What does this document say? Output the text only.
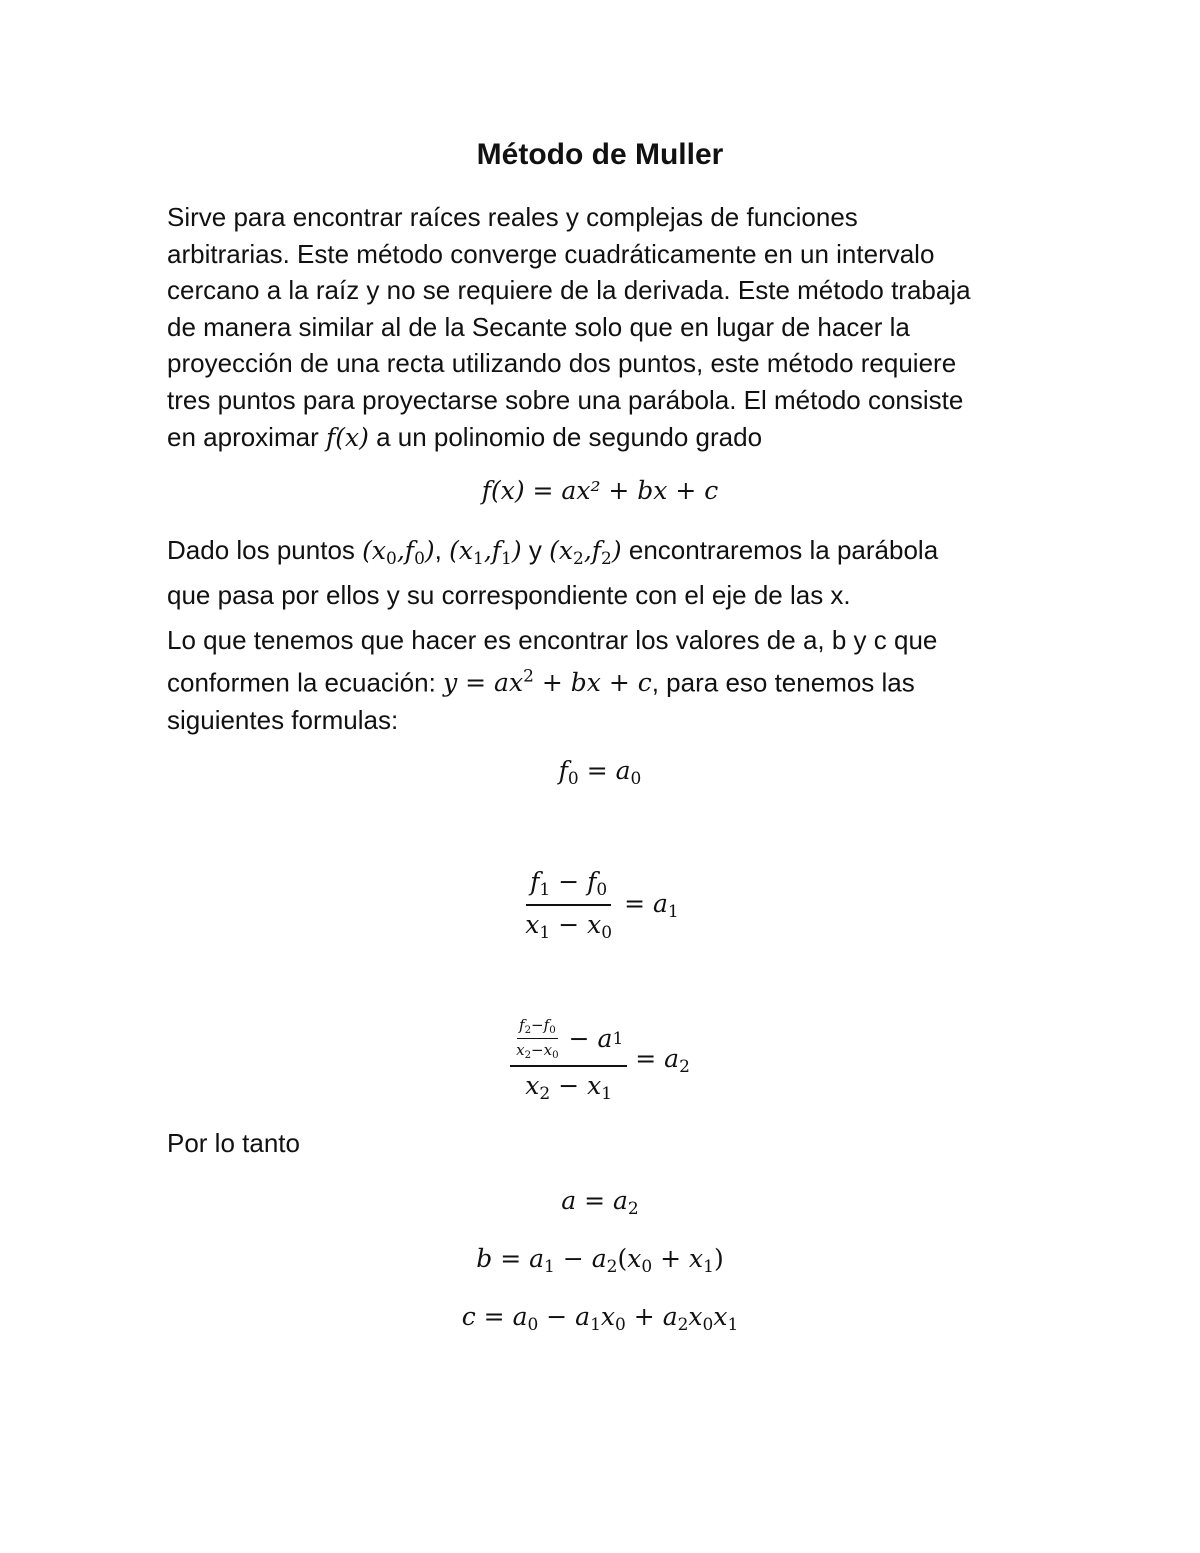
Método de Muller
Sirve para encontrar raíces reales y complejas de funciones
arbitrarias. Este método converge cuadráticamente en un intervalo
cercano a la raíz y no se requiere de la derivada. Este método trabaja
de manera similar al de la Secante solo que en lugar de hacer la
proyección de una recta utilizando dos puntos, este método requiere
tres puntos para proyectarse sobre una parábola. El método consiste
en aproximar f(x) a un polinomio de segundo grado
f(x) = ax² + bx + c
Dado los puntos $(x_0,f_0)$, $(x_1,f_1)$ y $(x_2,f_2)$ encontraremos la parábola
que pasa por ellos y su correspondiente con el eje de las x.
Lo que tenemos que hacer es encontrar los valores de a, b y c que
conformen la ecuación: $y = ax^2$ + bx + c, para eso tenemos las
siguientes formulas:
$f_0 = a_0$
$\frac{f_1 - f_0}{x_1 - x_0} = a_1$
$\frac{\frac{f_2-f_0}{x_2-x_0} - a 1}{x_2 - x_1} = a_2$
Por lo tanto
$a = a_2$
$b = a_1 - a_2(x_0 + x_1)$
$c = a_0 - a_1x_0 + a_2x_0x_1$
